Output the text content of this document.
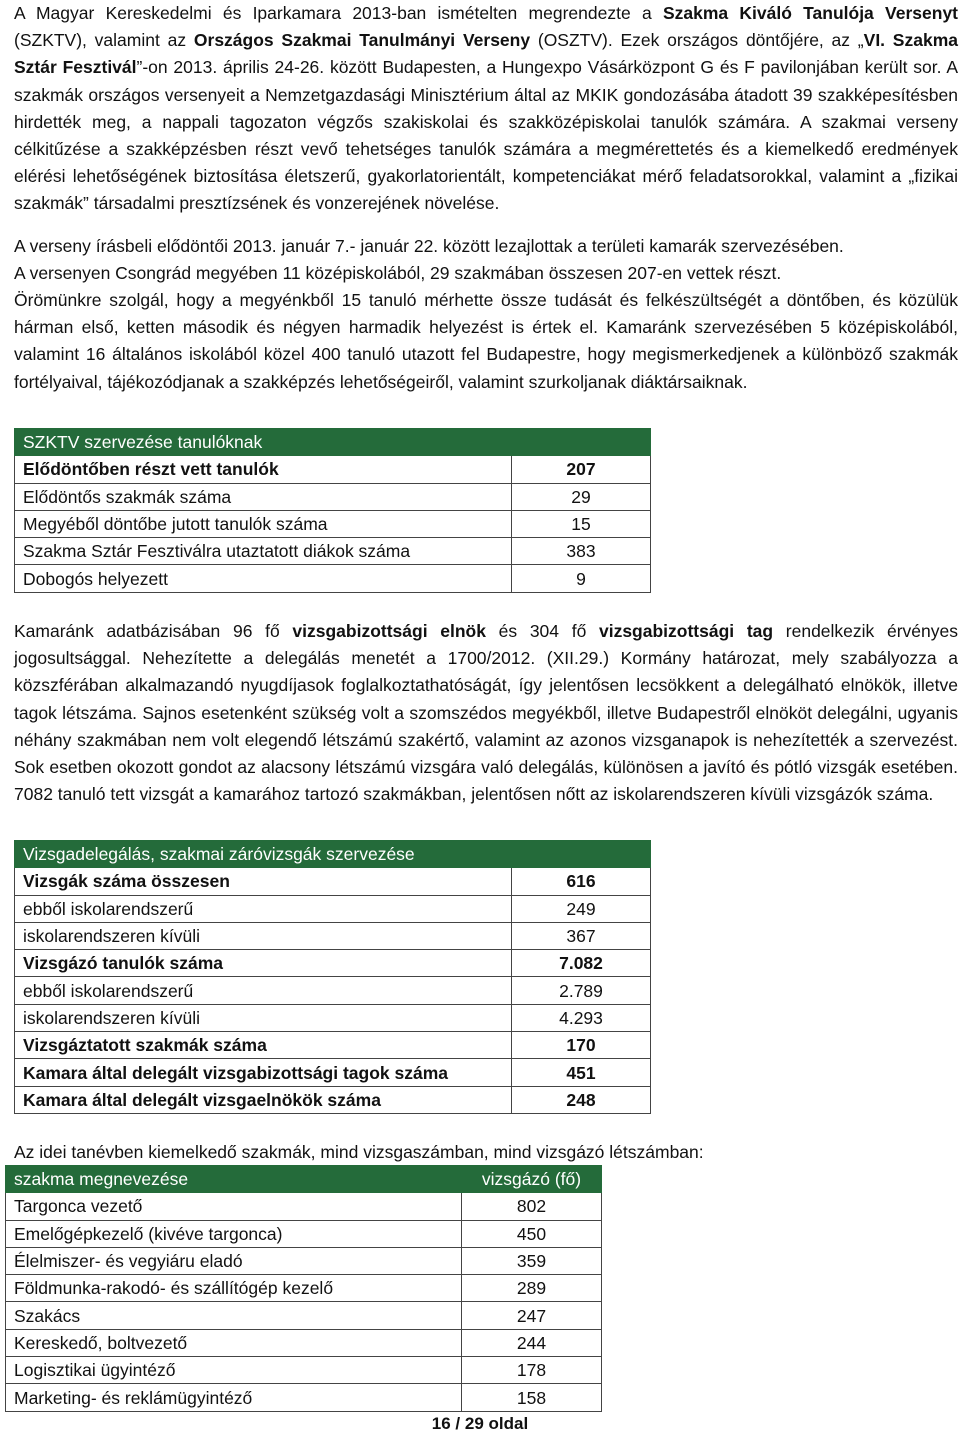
A Magyar Kereskedelmi és Iparkamara 2013-ban ismételten megrendezte a Szakma Kiváló Tanulója Versenyt (SZKTV), valamint az Országos Szakmai Tanulmányi Verseny (OSZTV). Ezek országos döntőjére, az „VI. Szakma Sztár Fesztivál”-on 2013. április 24-26. között Budapesten, a Hungexpo Vásárközpont G és F pavilonjában került sor. A szakmák országos versenyeit a Nemzetgazdasági Minisztérium által az MKIK gondozásába átadott 39 szakképesítésben hirdették meg, a nappali tagozaton végzős szakiskolai és szakközépiskolai tanulók számára. A szakmai verseny célkitűzése a szakképzésben részt vevő tehetséges tanulók számára a megmérettetés és a kiemelkedő eredmények elérési lehetőségének biztosítása életszerű, gyakorlatorientált, kompetenciákat mérő feladatsorokkal, valamint a „fizikai szakmák” társadalmi presztízsének és vonzerejének növelése.

A verseny írásbeli elődöntői 2013. január 7.- január 22. között lezajlottak a területi kamarák szervezésében.

A versenyen Csongrád megyében 11 középiskolából, 29 szakmában összesen 207-en vettek részt.

Örömünkre szolgál, hogy a megyénkből 15 tanuló mérhette össze tudását és felkészültségét a döntőben, és közülük hárman első, ketten második és négyen harmadik helyezést is értek el. Kamaránk szervezésében 5 középiskolából, valamint 16 általános iskolából közel 400 tanuló utazott fel Budapestre, hogy megismerkedjenek a különböző szakmák fortélyaival, tájékozódjanak a szakképzés lehetőségeiről, valamint szurkoljanak diáktársaiknak.

SZKTV szervezése tanulóknak	
Elődöntőben részt vett tanulók	207
Elődöntős szakmák száma	29
Megyéből döntőbe jutott tanulók száma	15
Szakma Sztár Fesztiválra utaztatott diákok száma	383
Dobogós helyezett	9

Kamaránk adatbázisában 96 fő vizsgabizottsági elnök és 304 fő vizsgabizottsági tag rendelkezik érvényes jogosultsággal. Nehezítette a delegálás menetét a 1700/2012. (XII.29.) Kormány határozat, mely szabályozza a közszférában alkalmazandó nyugdíjasok foglalkoztathatóságát, így jelentősen lecsökkent a delegálható elnökök, illetve tagok létszáma. Sajnos esetenként szükség volt a szomszédos megyékből, illetve Budapestről elnököt delegálni, ugyanis néhány szakmában nem volt elegendő létszámú szakértő, valamint az azonos vizsganapok is nehezítették a szervezést. Sok esetben okozott gondot az alacsony létszámú vizsgára való delegálás, különösen a javító és pótló vizsgák esetében. 7082 tanuló tett vizsgát a kamarához tartozó szakmákban, jelentősen nőtt az iskolarendszeren kívüli vizsgázók száma.

Vizsgadelegálás, szakmai záróvizsgák szervezése	
Vizsgák száma összesen	616
ebből iskolarendszerű	249
iskolarendszeren kívüli	367
Vizsgázó tanulók száma	7.082
ebből iskolarendszerű	2.789
iskolarendszeren kívüli	4.293
Vizsgáztatott szakmák száma	170
Kamara által delegált vizsgabizottsági tagok száma	451
Kamara által delegált vizsgaelnökök száma	248

Az idei tanévben kiemelkedő szakmák, mind vizsgaszámban, mind vizsgázó létszámban:

szakma megnevezése	vizsgázó (fő)
Targonca vezető	802
Emelőgépkezelő (kivéve targonca)	450
Élelmiszer- és vegyiáru eladó	359
Földmunka-rakodó- és szállítógép kezelő	289
Szakács	247
Kereskedő, boltvezető	244
Logisztikai ügyintéző	178
Marketing- és reklámügyintéző	158
16 / 29 oldal
